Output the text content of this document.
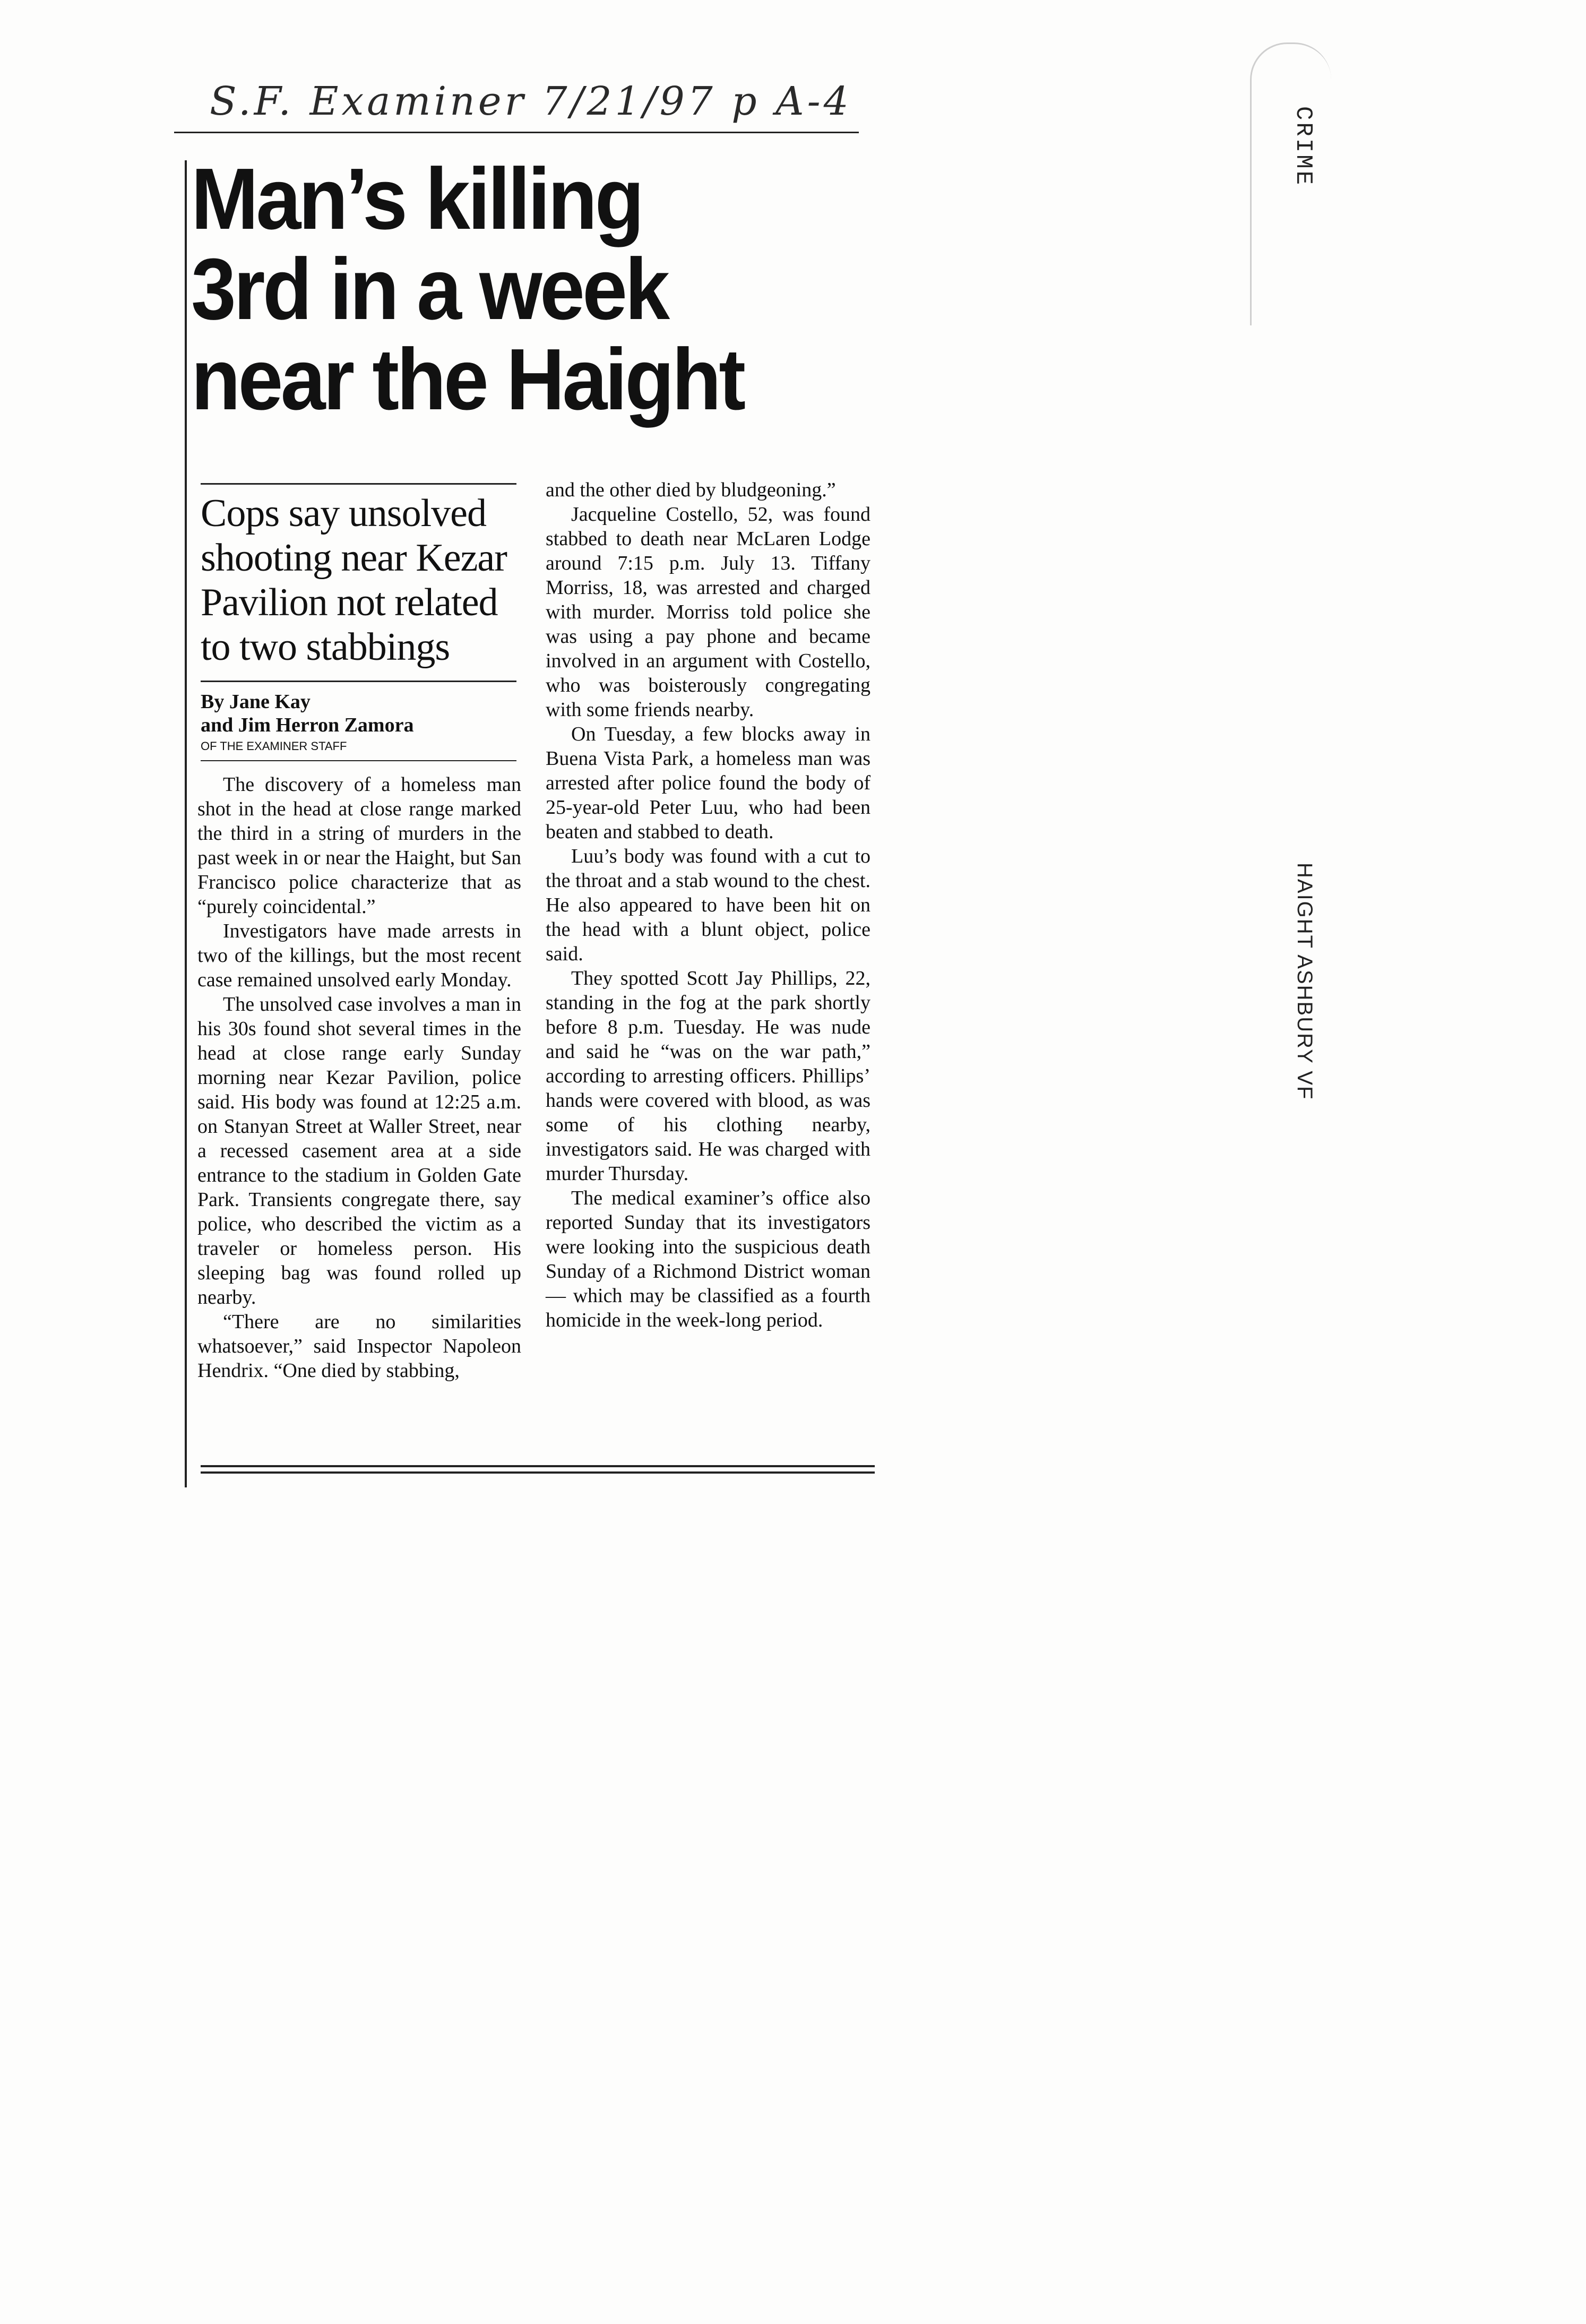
S.F. Examiner 7/21/97 p A-4
Man’s killing
3rd in a week
near the Haight
Cops say unsolved shooting near Kezar Pavilion not related to two stabbings
By Jane Kay
and Jim Herron Zamora
OF THE EXAMINER STAFF

The discovery of a homeless man shot in the head at close range marked the third in a string of murders in the past week in or near the Haight, but San Francisco police characterize that as “purely coincidental.”

Investigators have made arrests in two of the killings, but the most recent case remained unsolved early Monday.

The unsolved case involves a man in his 30s found shot several times in the head at close range early Sunday morning near Kezar Pavilion, police said. His body was found at 12:25 a.m. on Stanyan Street at Waller Street, near a recessed casement area at a side entrance to the stadium in Golden Gate Park. Transients congregate there, say police, who described the victim as a traveler or homeless person. His sleeping bag was found rolled up nearby.

“There are no similarities whatsoever,” said Inspector Napoleon Hendrix. “One died by stabbing,

and the other died by bludgeoning.”

Jacqueline Costello, 52, was found stabbed to death near McLaren Lodge around 7:15 p.m. July 13. Tiffany Morriss, 18, was arrested and charged with murder. Morriss told police she was using a pay phone and became involved in an argument with Costello, who was boisterously congregating with some friends nearby.

On Tuesday, a few blocks away in Buena Vista Park, a homeless man was arrested after police found the body of 25-year-old Peter Luu, who had been beaten and stabbed to death.

Luu’s body was found with a cut to the throat and a stab wound to the chest. He also appeared to have been hit on the head with a blunt object, police said.

They spotted Scott Jay Phillips, 22, standing in the fog at the park shortly before 8 p.m. Tuesday. He was nude and said he “was on the war path,” according to arresting officers. Phillips’ hands were covered with blood, as was some of his clothing nearby, investigators said. He was charged with murder Thursday.

The medical examiner’s office also reported Sunday that its investigators were looking into the suspicious death Sunday of a Richmond District woman — which may be classified as a fourth homicide in the week-long period.

CRIME
HAIGHT ASHBURY VF
